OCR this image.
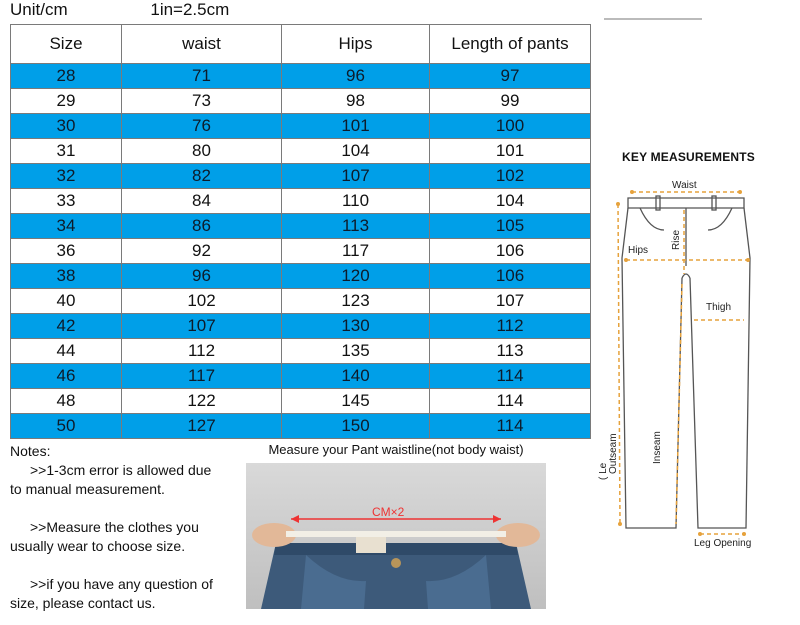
Unit/cm	1in=2.5cm
Size	waist	Hips	Length of pants
28	71	96	97
29	73	98	99
30	76	101	100
31	80	104	101
32	82	107	102
33	84	110	104
34	86	113	105
36	92	117	106
38	96	120	106
40	102	123	107
42	107	130	112
44	112	135	113
46	117	140	114
48	122	145	114
50	127	150	114

Notes:

>>1-3cm error is allowed due

to manual measurement.

>>Measure the clothes you

usually wear to choose size.

>>if you have any question of

size, please contact us.

Measure your Pant waistline(not body waist)
CM×2
KEY MEASUREMENTS
Waist
Rise
Hips
Thigh
Inseam
Outseam
( Le
Leg Opening
